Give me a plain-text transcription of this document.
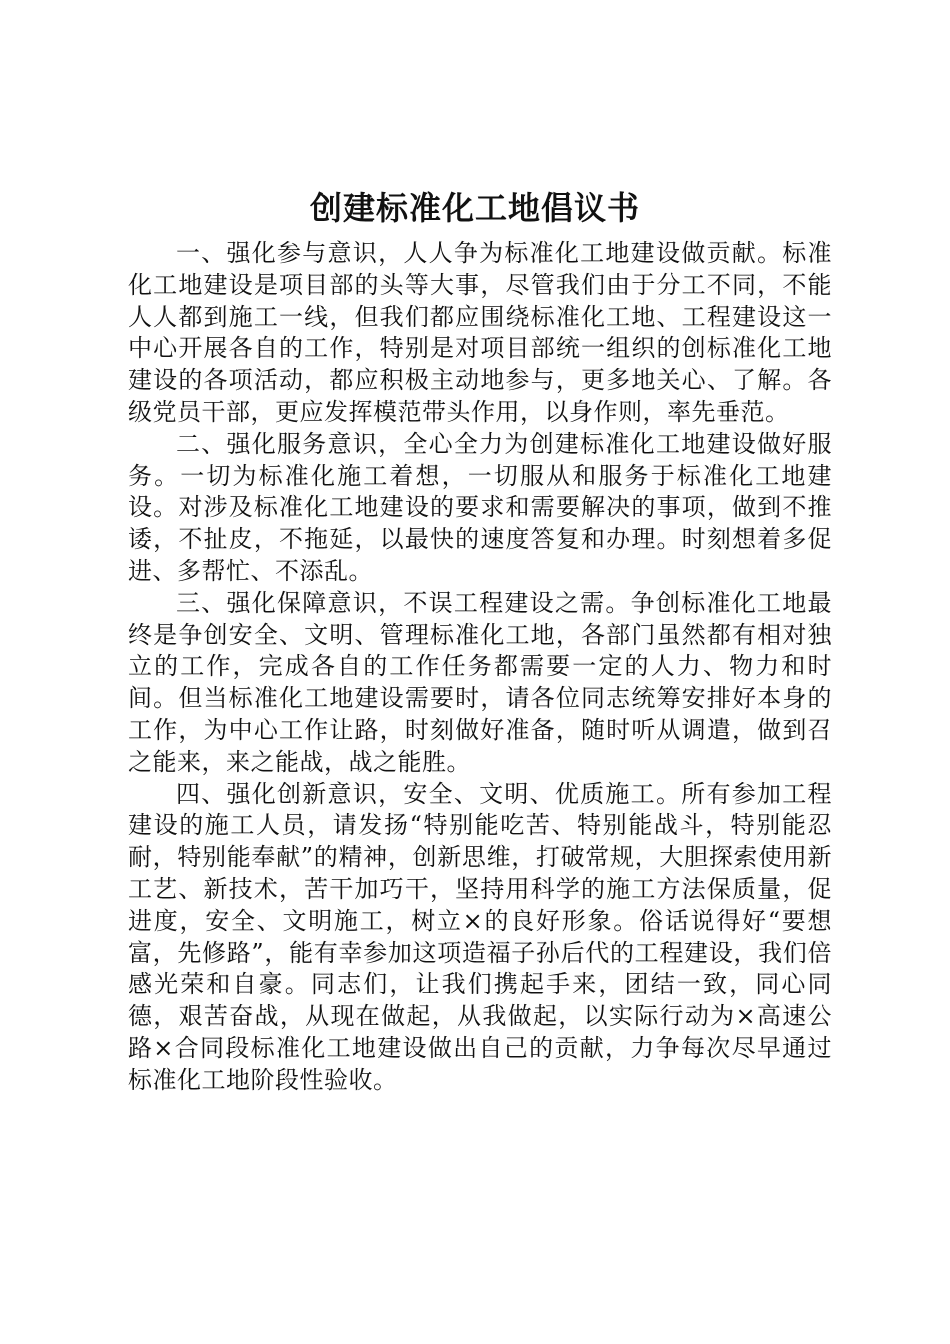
创建标准化工地倡议书

一、强化参与意识，人人争为标准化工地建设做贡献。标准化工地建设是项目部的头等大事，尽管我们由于分工不同，不能人人都到施工一线，但我们都应围绕标准化工地、工程建设这一中心开展各自的工作，特别是对项目部统一组织的创标准化工地建设的各项活动，都应积极主动地参与，更多地关心、了解。各级党员干部，更应发挥模范带头作用，以身作则，率先垂范。

二、强化服务意识，全心全力为创建标准化工地建设做好服务。一切为标准化施工着想，一切服从和服务于标准化工地建设。对涉及标准化工地建设的要求和需要解决的事项，做到不推诿，不扯皮，不拖延，以最快的速度答复和办理。时刻想着多促进、多帮忙、不添乱。

三、强化保障意识，不误工程建设之需。争创标准化工地最终是争创安全、文明、管理标准化工地，各部门虽然都有相对独立的工作，完成各自的工作任务都需要一定的人力、物力和时间。但当标准化工地建设需要时，请各位同志统筹安排好本身的工作，为中心工作让路，时刻做好准备，随时听从调遣，做到召之能来，来之能战，战之能胜。

四、强化创新意识，安全、文明、优质施工。所有参加工程建设的施工人员，请发扬“特别能吃苦、特别能战斗，特别能忍耐，特别能奉献”的精神，创新思维，打破常规，大胆探索使用新工艺、新技术，苦干加巧干，坚持用科学的施工方法保质量，促进度，安全、文明施工，树立×的良好形象。俗话说得好“要想富，先修路”，能有幸参加这项造福子孙后代的工程建设，我们倍感光荣和自豪。同志们，让我们携起手来，团结一致，同心同德，艰苦奋战，从现在做起，从我做起，以实际行动为×高速公路×合同段标准化工地建设做出自己的贡献，力争每次尽早通过标准化工地阶段性验收。
